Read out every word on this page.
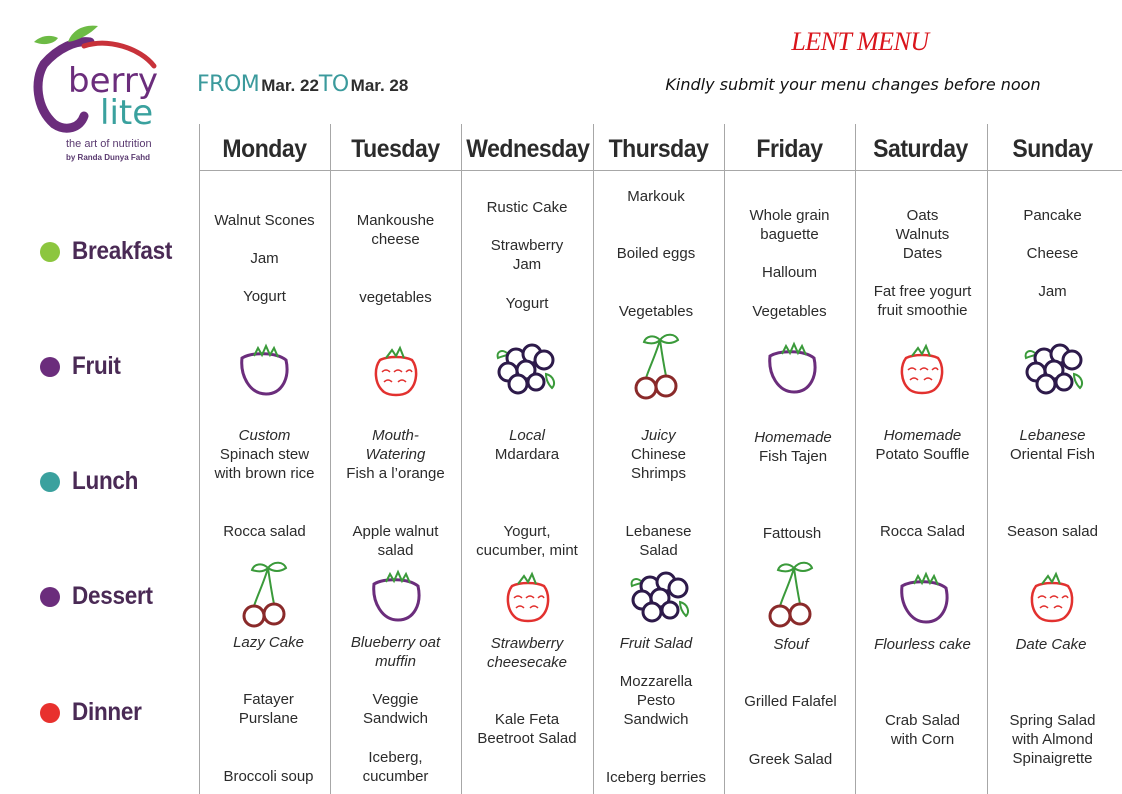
berry
lite
the art of nutrition
by Randa Dunya Fahd
FROM Mar. 22 TO Mar. 28
LENT MENU
Kindly submit your menu changes before noon
Breakfast
Fruit
Lunch
Dessert
Dinner
Monday
Walnut Scones
Jam
Yogurt
Custom
Spinach stew
with brown rice
Rocca salad
Lazy Cake
Fatayer
Purslane
Broccoli soup
Tuesday
Mankoushe
cheese
vegetables
Mouth-
Watering
Fish a l’orange
Apple walnut
salad
Blueberry oat
muffin
Veggie
Sandwich
Iceberg,
cucumber
Wednesday
Rustic Cake
Strawberry
Jam
Yogurt
Local
Mdardara
Yogurt,
cucumber, mint
Strawberry
cheesecake
Kale Feta
Beetroot Salad
Thursday
Markouk
Boiled eggs
Vegetables
Juicy
Chinese
Shrimps
Lebanese
Salad
Fruit Salad
Mozzarella
Pesto
Sandwich
Iceberg berries
Friday
Whole grain
baguette
Halloum
Vegetables
Homemade
Fish Tajen
Fattoush
Sfouf
Grilled Falafel
Greek Salad
Saturday
Oats
Walnuts
Dates
Fat free yogurt
fruit smoothie
Homemade
Potato Souffle
Rocca Salad
Flourless cake
Crab Salad
with Corn
Sunday
Pancake
Cheese
Jam
Lebanese
Oriental Fish
Season salad
Date Cake
Spring Salad
with Almond
Spinaigrette
